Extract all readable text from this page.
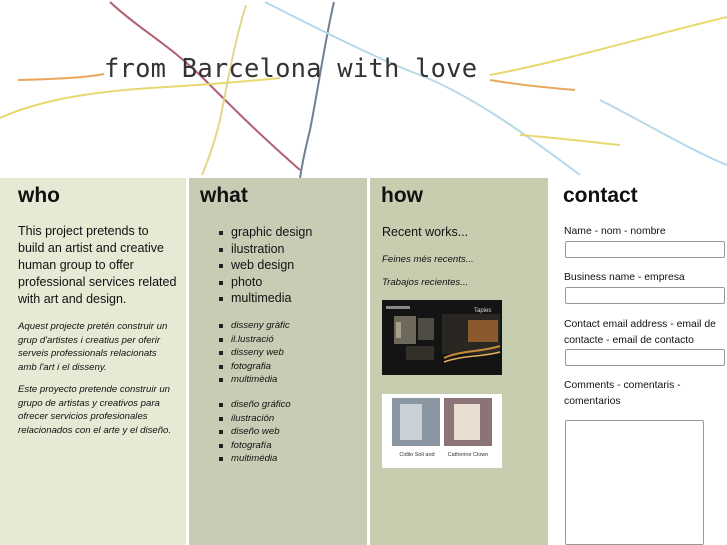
from Barcelona with love
who
This project pretends to build an artist and creative human group to offer professional services related with art and design.
Aquest projecte pretén construir un grup d'artistes i creatius per oferir serveis professionals relacionats amb l'art i el disseny.
Este proyecto pretende construir un grupo de artistas y creativos para ofrecer servicios profesionales relacionados con el arte y el diseño.
what
graphic design
ilustration
web design
photo
multimedia
disseny gràfic
il.lustració
disseny web
fotografia
multimèdia
diseño gráfico
ilustración
diseño web
fotografía
multimédia
how
Recent works...
Feines més recents...
Trabajos recientes...
Tapies
Cidilo Soli and	Catherine Clown
contact
Name - nom - nombre
Business name - empresa
Contact email address - email de contacte - email de contacto
Comments - comentaris - comentarios
